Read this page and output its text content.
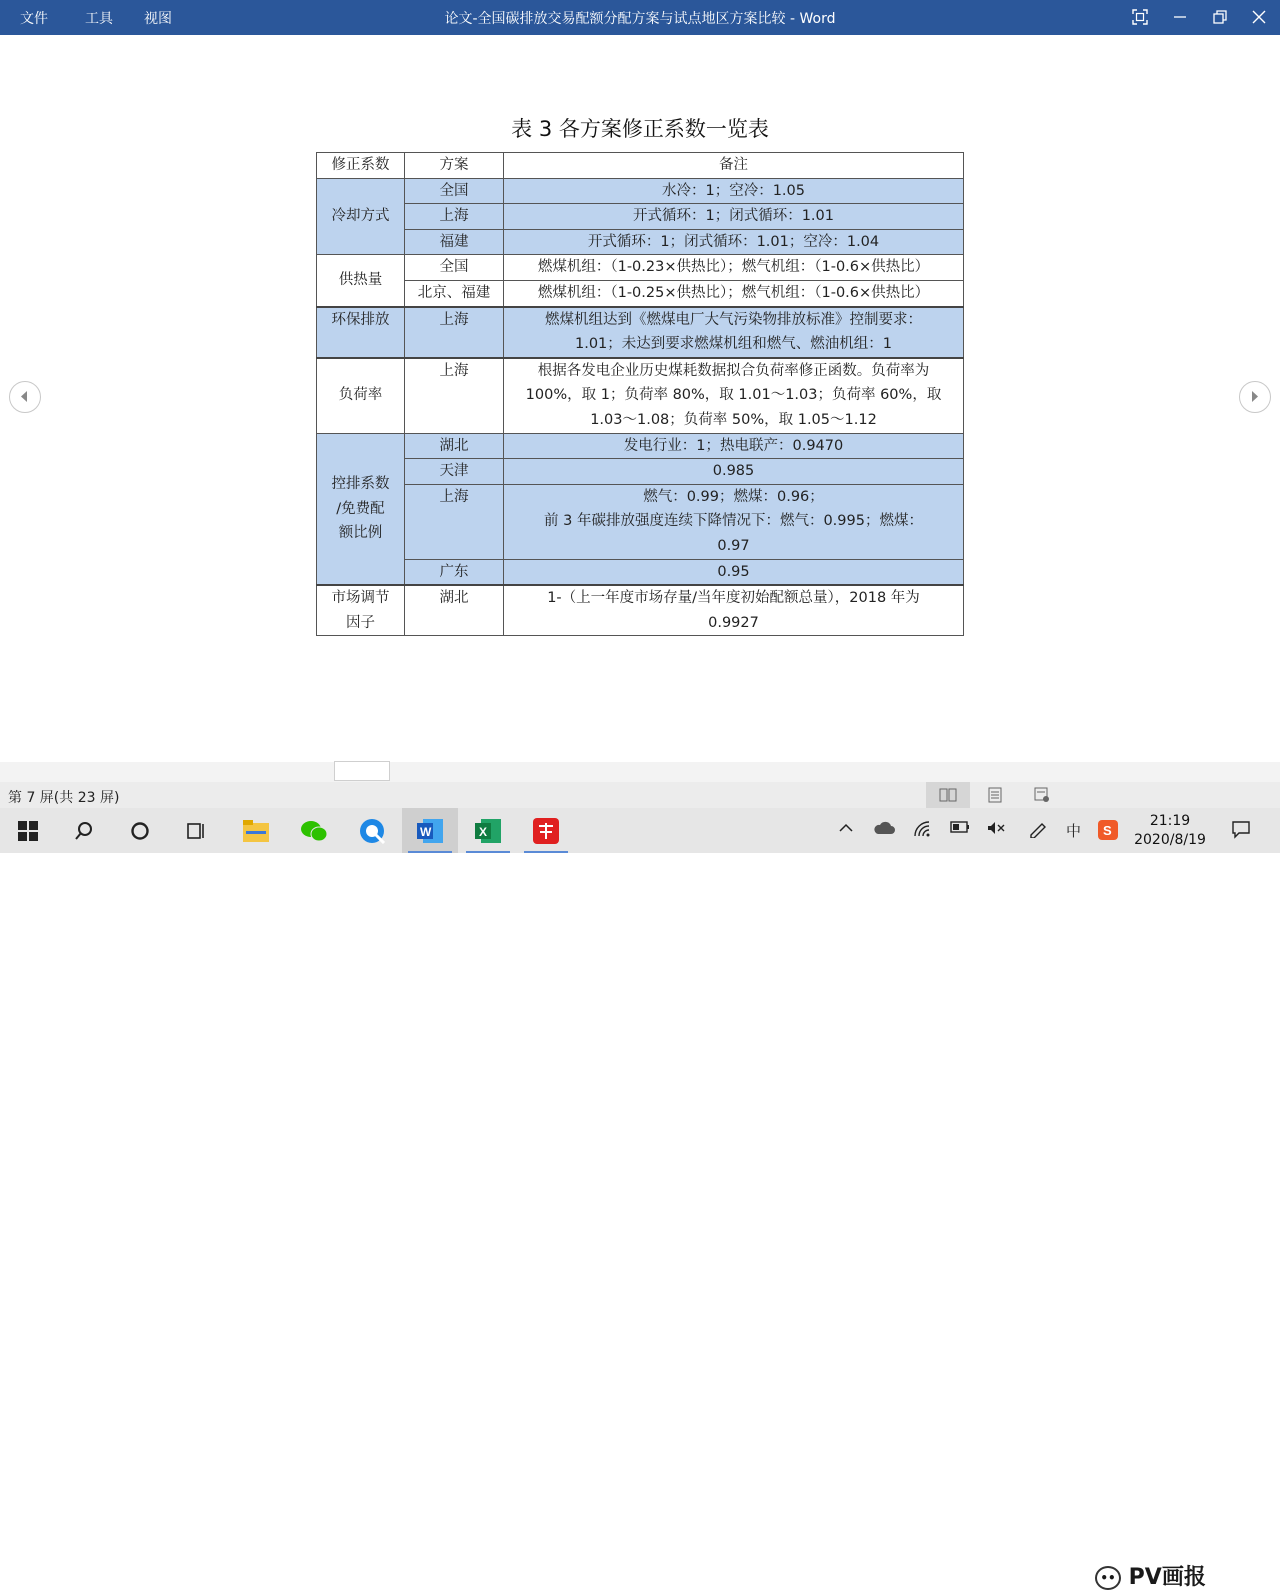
文件	工具 视图	论文-全国碳排放交易配额分配方案与试点地区方案比较 - Word
表 3 各方案修正系数一览表
修正系数	方案	备注
冷却方式	全国	水冷：1；空冷：1.05
	上海	开式循环：1；闭式循环：1.01
	福建	开式循环：1；闭式循环：1.01；空冷：1.04
供热量	全国	燃煤机组：（1-0.23×供热比）；燃气机组：（1-0.6×供热比）
	北京、福建	燃煤机组：（1-0.25×供热比）；燃气机组：（1-0.6×供热比）
环保排放	上海	燃煤机组达到《燃煤电厂大气污染物排放标准》控制要求：
1.01；未达到要求燃煤机组和燃气、燃油机组：1
负荷率	上海	根据各发电企业历史煤耗数据拟合负荷率修正函数。负荷率为
100%，取 1；负荷率 80%，取 1.01～1.03；负荷率 60%，取
1.03～1.08；负荷率 50%，取 1.05～1.12
控排系数
/免费配
额比例	湖北	发电行业：1；热电联产：0.9470
	天津	0.985
	上海	燃气：0.99；燃煤：0.96；
前 3 年碳排放强度连续下降情况下：燃气：0.995；燃煤：
0.97
	广东	0.95
市场调节
因子	湖北	1-（上一年度市场存量/当年度初始配额总量），2018 年为
0.9927
第 7 屏(共 23 屏)
•• PV画报
W	X	中 S
21:19
2020/8/19
